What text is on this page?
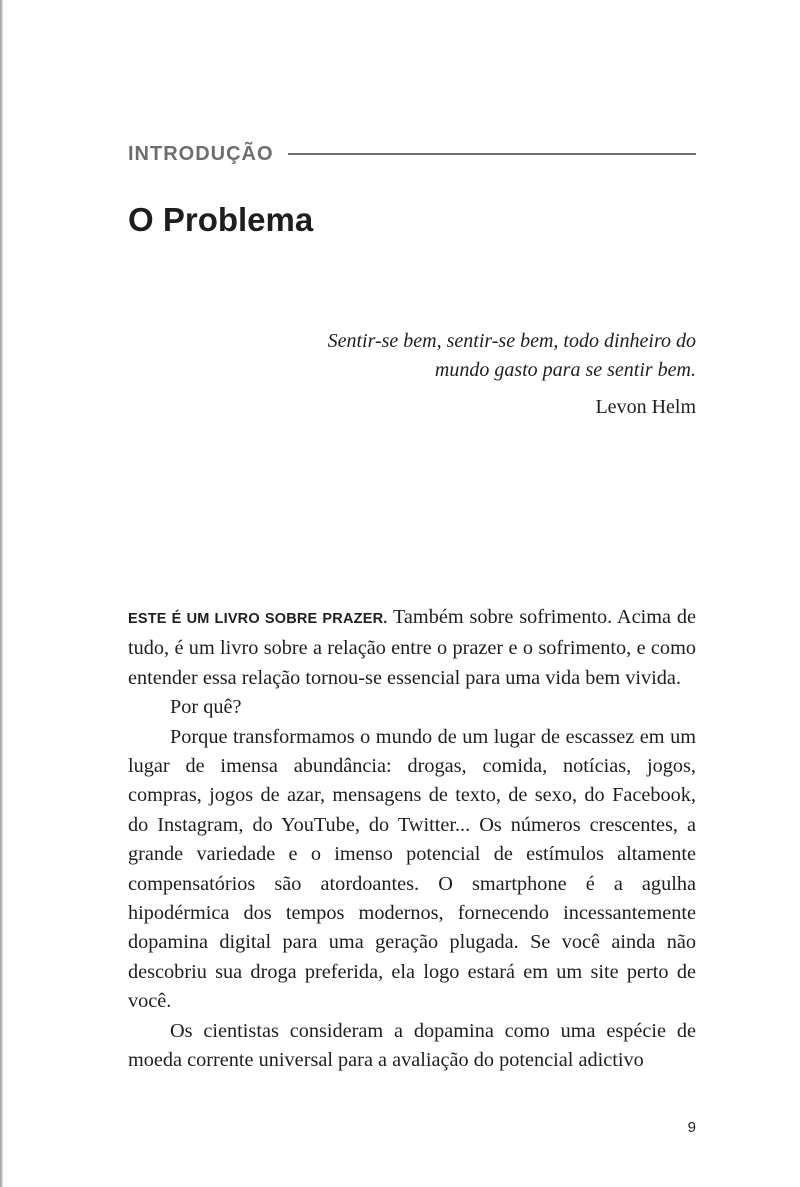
INTRODUÇÃO
O Problema

Sentir-se bem, sentir-se bem, todo dinheiro do
mundo gasto para se sentir bem.

Levon Helm

ESTE É UM LIVRO SOBRE PRAZER. Também sobre sofrimento. Acima de tudo, é um livro sobre a relação entre o prazer e o sofrimento, e como entender essa relação tornou-se essencial para uma vida bem vivida.

Por quê?

Porque transformamos o mundo de um lugar de escassez em um lugar de imensa abundância: drogas, comida, notícias, jogos, compras, jogos de azar, mensagens de texto, de sexo, do Facebook, do Instagram, do YouTube, do Twitter... Os números crescentes, a grande variedade e o imenso potencial de estímulos altamente compensatórios são atordoantes. O smartphone é a agulha hipodérmica dos tempos modernos, fornecendo incessantemente dopamina digital para uma geração plugada. Se você ainda não descobriu sua droga preferida, ela logo estará em um site perto de você.

Os cientistas consideram a dopamina como uma espécie de moeda corrente universal para a avaliação do potencial adictivo

9
